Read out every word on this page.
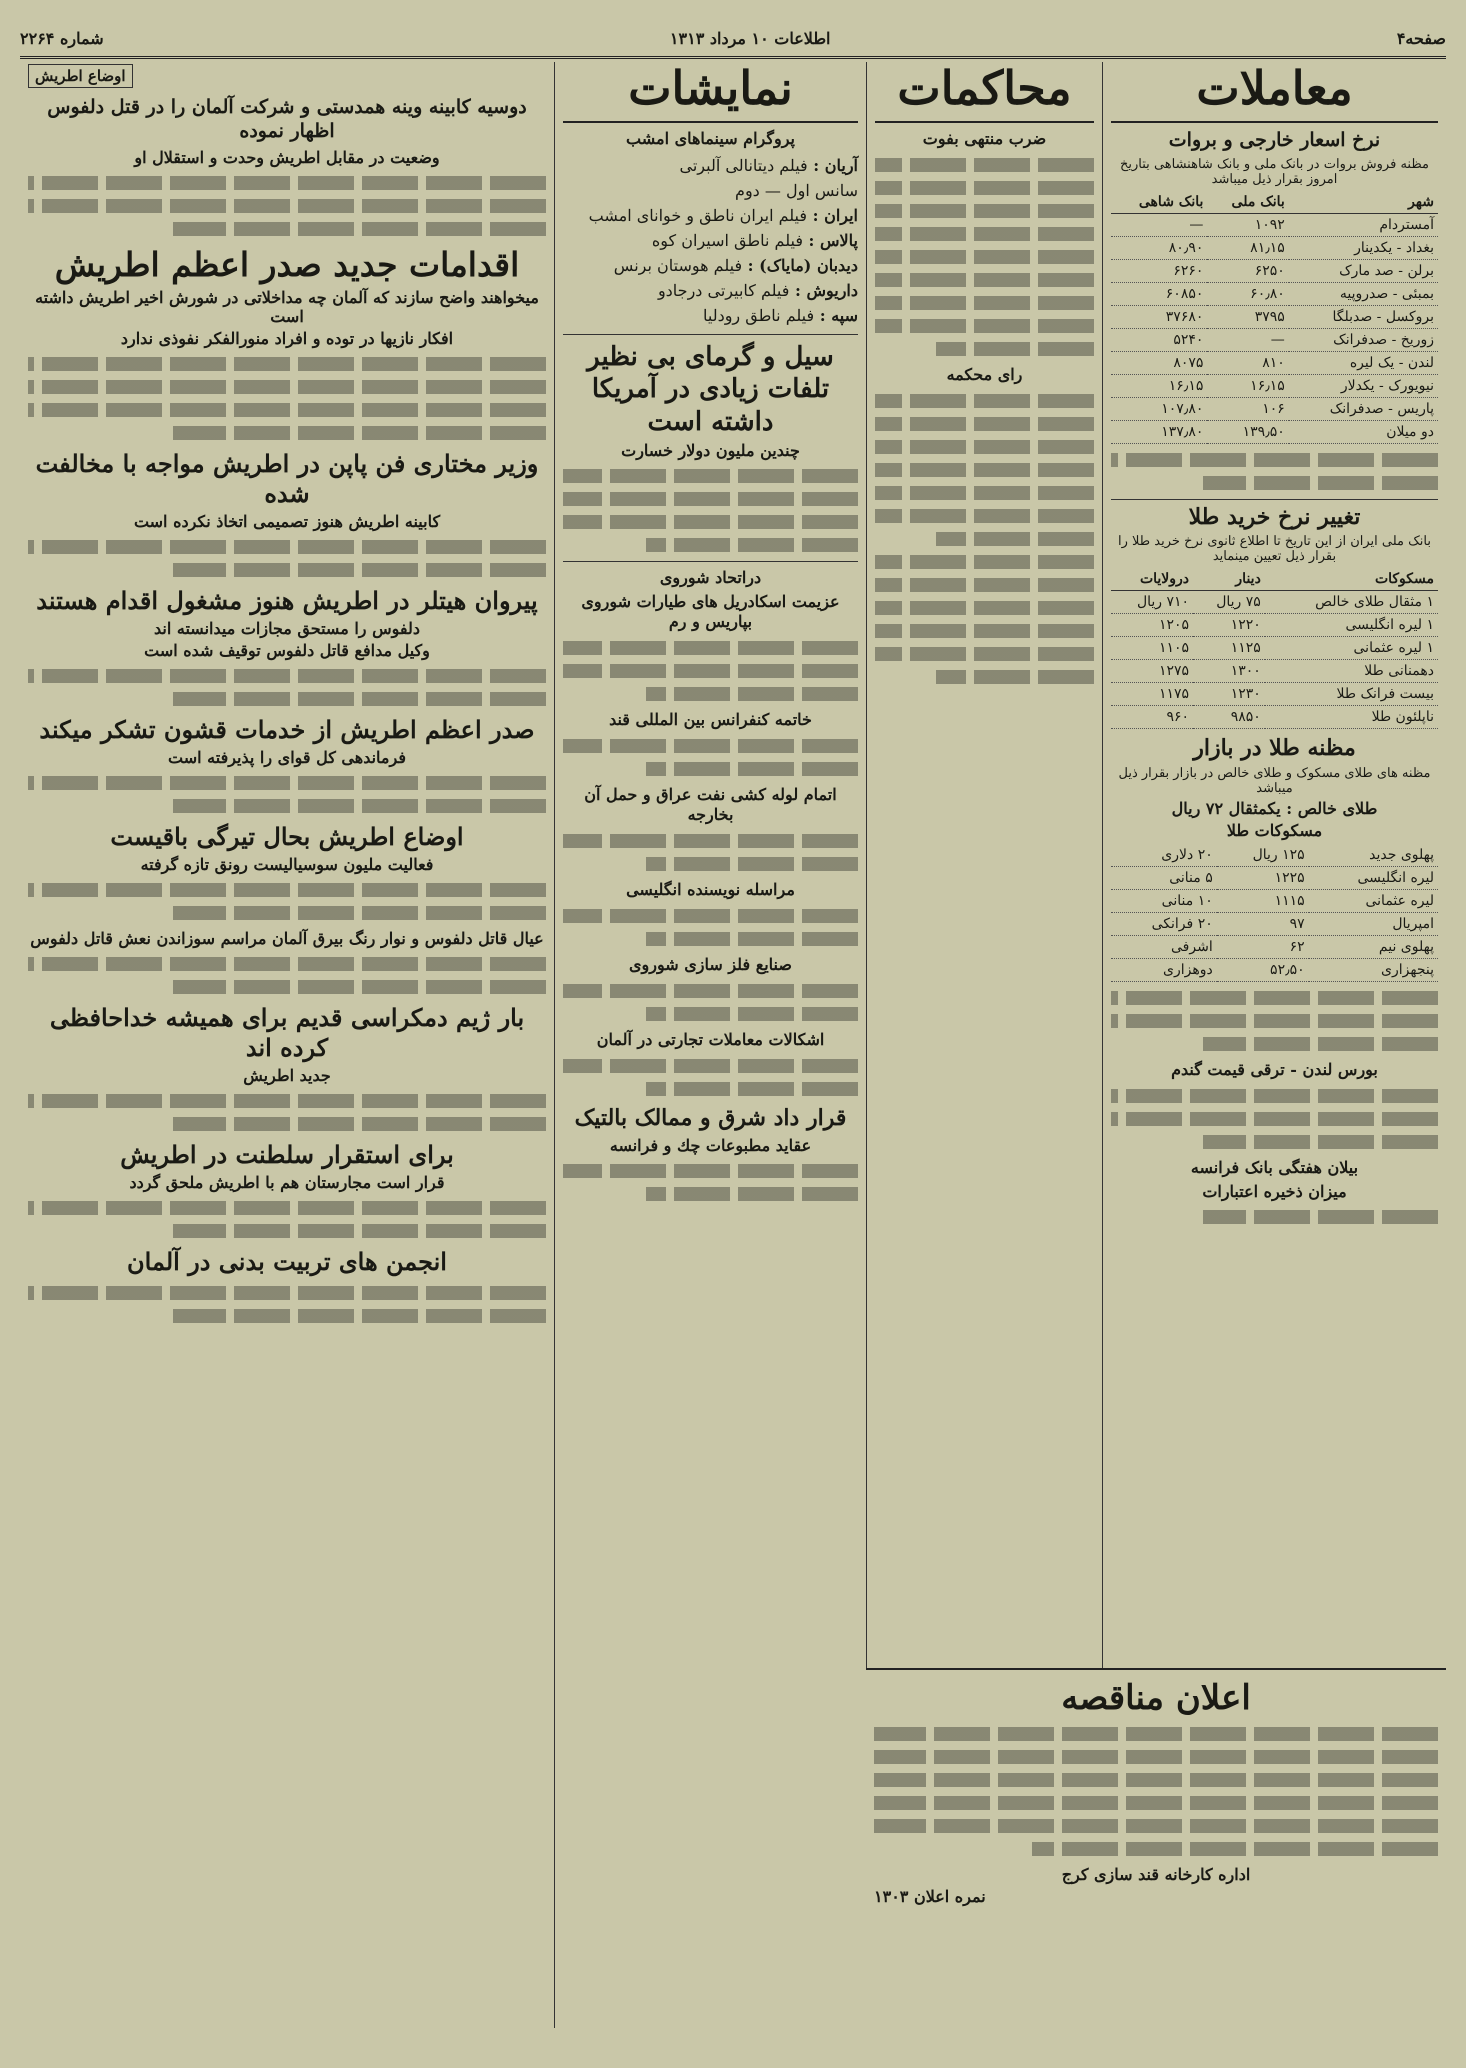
صفحه۴
اطلاعات ۱۰ مرداد ۱۳۱۳
شماره ۲۲۶۴
معاملات
نرخ اسعار خارجی و بروات
مظنه فروش بروات در بانک ملی و بانک شاهنشاهی بتاریخ امروز بقرار ذیل میباشد
شهر	بانک ملی	بانک شاهی
آمستردام	۱۰۹۲	—
بغداد - یکدینار	۸۱٫۱۵	۸۰٫۹۰
برلن - صد مارک	۶۲۵۰	۶۲۶۰
بمبئی - صدروپیه	۶۰٫۸۰	۶۰۸۵۰
بروکسل - صدبلگا	۳۷۹۵	۳۷۶۸۰
زوریخ - صدفرانک	—	۵۲۴۰
لندن - یک لیره	۸۱۰	۸۰۷۵
نیویورک - یکدلار	۱۶٫۱۵	۱۶٫۱۵
پاریس - صدفرانک	۱۰۶	۱۰۷٫۸۰
دو میلان	۱۳۹٫۵۰	۱۳۷٫۸۰
تغییر نرخ خرید طلا
بانک ملی ایران از این تاریخ تا اطلاع ثانوی نرخ خرید طلا را بقرار ذیل تعیین مینماید
مسکوکات	دینار	درولایات
۱ مثقال طلای خالص	۷۵ ریال	۷۱۰ ریال
۱ لیره انگلیسی	۱۲۲۰	۱۲۰۵
۱ لیره عثمانی	۱۱۲۵	۱۱۰۵
دهمنانی طلا	۱۳۰۰	۱۲۷۵
بیست فرانک طلا	۱۲۳۰	۱۱۷۵
ناپلئون طلا	۹۸۵۰	۹۶۰
مظنه طلا در بازار
مظنه های طلای مسکوک و طلای خالص در بازار بقرار ذیل میباشد
طلای خالص : یکمثقال ۷۲ ریال
مسکوکات طلا
پهلوی جدید	۱۲۵ ریال	۲۰ دلاری
لیره انگلیسی	۱۲۲۵	۵ منانی
لیره عثمانی	۱۱۱۵	۱۰ منانی
امپریال	۹۷	۲۰ فرانکی
پهلوی نیم	۶۲	اشرفی
پنجهزاری	۵۲٫۵۰	دوهزاری
بورس لندن - ترقی قیمت گندم
بیلان هفتگی بانک فرانسه
میزان ذخیره اعتبارات
محاکمات
ضرب منتهی بفوت
رای محکمه
نمایشات
پروگرام سینماهای امشب
آریان : فیلم دیتانالی آلبرتی
سانس اول — دوم
ایران : فیلم ایران ناطق و خوانای امشب
پالاس : فیلم ناطق اسیران کوه
دیدبان (مایاک) : فیلم هوستان برنس
داریوش : فیلم کابیرتی درجادو
سپه : فیلم ناطق رودلیا
سیل و گرمای بی نظیر تلفات زیادی در آمریکا داشته است
چندین ملیون دولار خسارت
دراتحاد شوروی
عزیمت اسکادریل های طیارات شوروی بپاریس و رم
خاتمه کنفرانس بین المللی قند
اتمام لوله کشی نفت عراق و حمل آن بخارجه
مراسله نویسنده انگلیسی
صنایع فلز سازی شوروی
اشکالات معاملات تجارتی در آلمان
قرار داد شرق و ممالک بالتیک
عقاید مطبوعات چك و فرانسه
اوضاع اطریش
دوسیه کابینه وینه همدستی و شرکت آلمان را در قتل دلفوس اظهار نموده
وضعیت در مقابل اطریش وحدت و استقلال او
اقدامات جدید صدر اعظم اطریش
میخواهند واضح سازند که آلمان چه مداخلاتی در شورش اخیر اطریش داشته است
افکار نازیها در توده و افراد منورالفکر نفوذی ندارد
وزیر مختاری فن پاپن در اطریش مواجه با مخالفت شده
کابینه اطریش هنوز تصمیمی اتخاذ نکرده است
پیروان هیتلر در اطریش هنوز مشغول اقدام هستند
دلفوس را مستحق مجازات میدانسته اند
وکیل مدافع قاتل دلفوس توقیف شده است
صدر اعظم اطریش از خدمات قشون تشکر میکند
فرماندهی کل قوای را پذیرفته است
اوضاع اطریش بحال تیرگی باقیست
فعالیت ملیون سوسیالیست رونق تازه گرفته
عیال قاتل دلفوس و نوار رنگ بیرق آلمان مراسم سوزاندن نعش قاتل دلفوس
بار ژیم دمکراسی قدیم برای همیشه خداحافظی کرده اند
جدید اطریش
برای استقرار سلطنت در اطریش
قرار است مجارستان هم با اطریش ملحق گردد
انجمن های تربیت بدنی در آلمان
اعلان مناقصه
اداره کارخانه قند سازی کرج
نمره اعلان ۱۳۰۳
